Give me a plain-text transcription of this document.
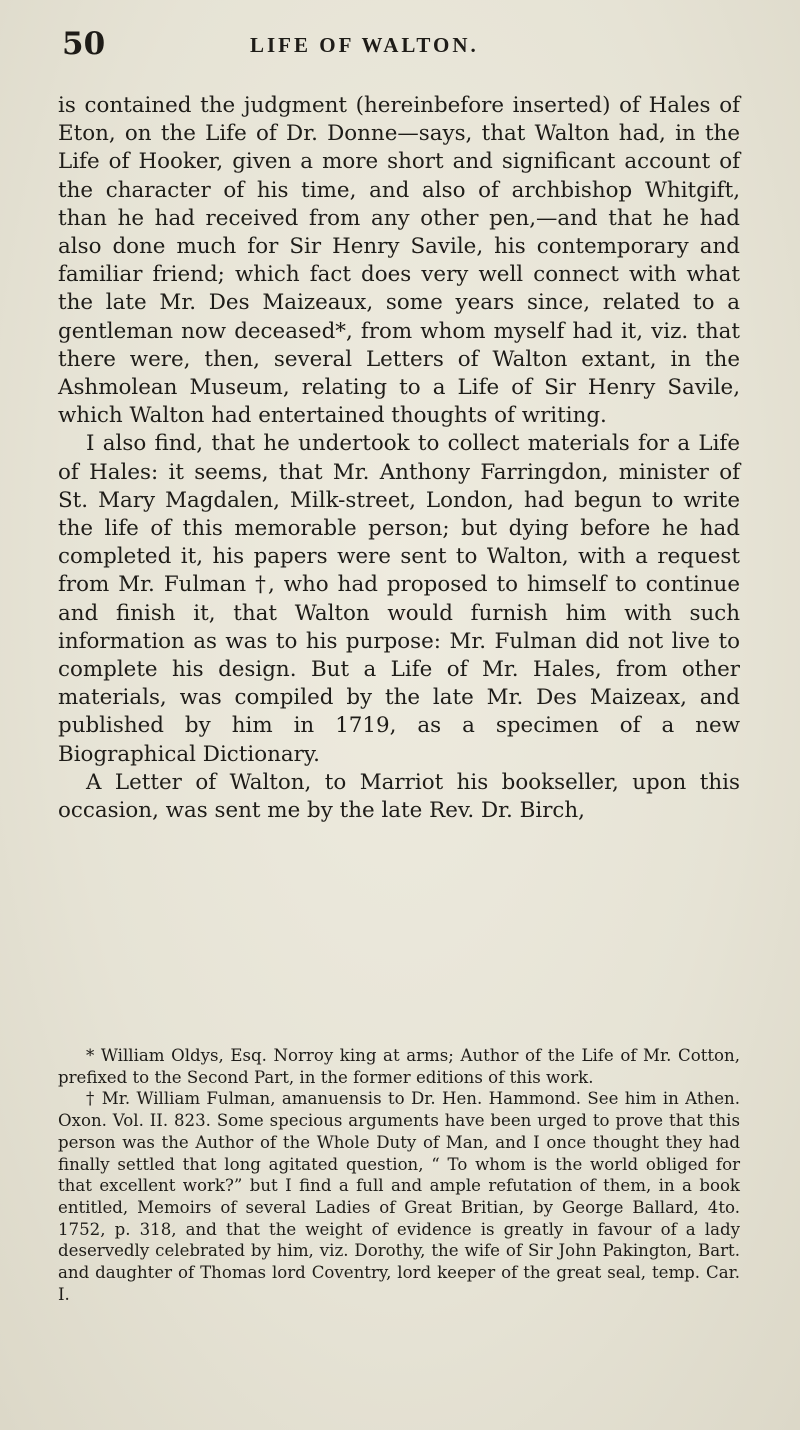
50	LIFE OF WALTON.

is contained the judgment (hereinbefore inserted) of Hales of Eton, on the Life of Dr. Donne—says, that Walton had, in the Life of Hooker, given a more short and significant account of the character of his time, and also of archbishop Whitgift, than he had received from any other pen,—and that he had also done much for Sir Henry Savile, his contemporary and familiar friend; which fact does very well connect with what the late Mr. Des Maizeaux, some years since, related to a gentleman now deceased*, from whom myself had it, viz. that there were, then, several Letters of Walton extant, in the Ashmolean Museum, relating to a Life of Sir Henry Savile, which Walton had entertained thoughts of writing.

I also find, that he undertook to collect materials for a Life of Hales: it seems, that Mr. Anthony Farringdon, minister of St. Mary Magdalen, Milk-street, London, had begun to write the life of this memorable person; but dying before he had completed it, his papers were sent to Walton, with a request from Mr. Fulman †, who had proposed to himself to continue and finish it, that Walton would furnish him with such information as was to his purpose: Mr. Fulman did not live to complete his design. But a Life of Mr. Hales, from other materials, was compiled by the late Mr. Des Maizeax, and published by him in 1719, as a specimen of a new Biographical Dictionary.

A Letter of Walton, to Marriot his bookseller, upon this occasion, was sent me by the late Rev. Dr. Birch,

* William Oldys, Esq. Norroy king at arms; Author of the Life of Mr. Cotton, prefixed to the Second Part, in the former editions of this work.

† Mr. William Fulman, amanuensis to Dr. Hen. Hammond. See him in Athen. Oxon. Vol. II. 823. Some specious arguments have been urged to prove that this person was the Author of the Whole Duty of Man, and I once thought they had finally settled that long agitated question, “ To whom is the world obliged for that excellent work?” but I find a full and ample refutation of them, in a book entitled, Memoirs of several Ladies of Great Britian, by George Ballard, 4to. 1752, p. 318, and that the weight of evidence is greatly in favour of a lady deservedly celebrated by him, viz. Dorothy, the wife of Sir John Pakington, Bart. and daughter of Thomas lord Coventry, lord keeper of the great seal, temp. Car. I.
